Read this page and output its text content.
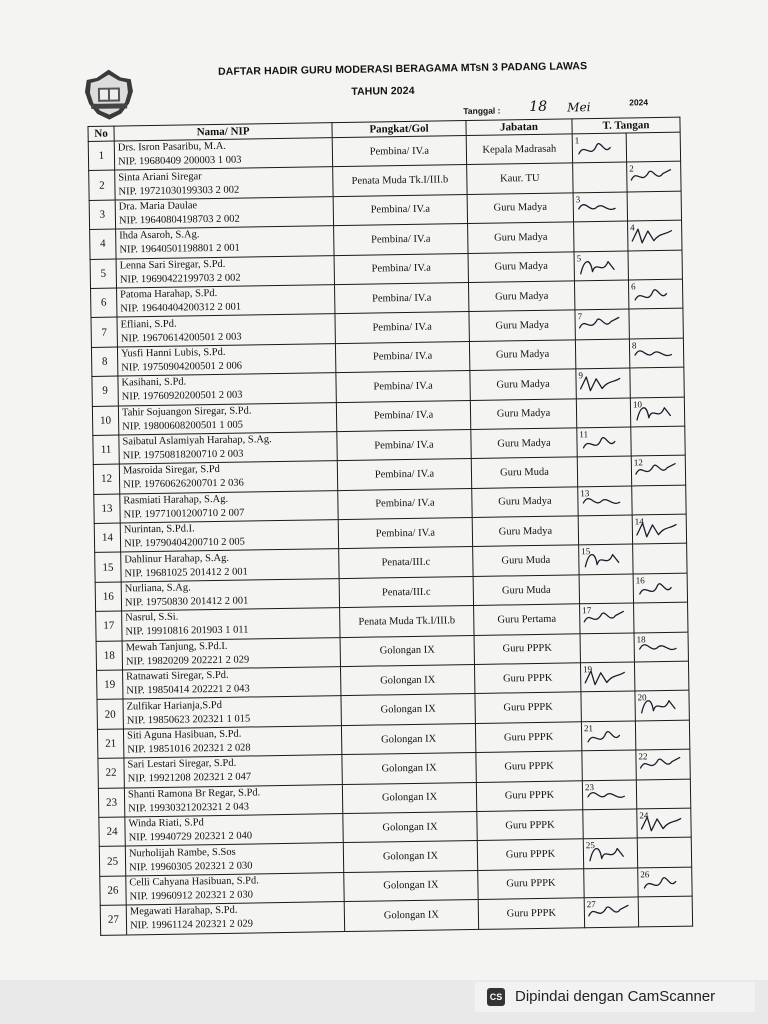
DAFTAR HADIR GURU MODERASI BERAGAMA MTsN 3 PADANG LAWAS
TAHUN 2024
Tanggal : 18 Mei	2024
No	Nama/ NIP	Pangkat/Gol	Jabatan	T. Tangan	
1	Drs. Isron Pasaribu, M.A.
NIP. 19680409 200003 1 003	Pembina/ IV.a	Kepala Madrasah	1	

2	Sinta Ariani Siregar
NIP. 19721030199303 2 002	Penata Muda Tk.I/III.b	Kaur. TU		2

3	Dra. Maria Daulae
NIP. 19640804198703 2 002	Pembina/ IV.a	Guru Madya	3	

4	Ihda Asaroh, S.Ag.
NIP. 19640501198801 2 001	Pembina/ IV.a	Guru Madya		4

5	Lenna Sari Siregar, S.Pd.
NIP. 19690422199703 2 002	Pembina/ IV.a	Guru Madya	5	

6	Patoma Harahap, S.Pd.
NIP. 19640404200312 2 001	Pembina/ IV.a	Guru Madya		6

7	Efliani, S.Pd.
NIP. 19670614200501 2 003	Pembina/ IV.a	Guru Madya	7	

8	Yusfi Hanni Lubis, S.Pd.
NIP. 19750904200501 2 006	Pembina/ IV.a	Guru Madya		8

9	Kasihani, S.Pd.
NIP. 19760920200501 2 003	Pembina/ IV.a	Guru Madya	9	

10	Tahir Sojuangon Siregar, S.Pd.
NIP. 19800608200501 1 005	Pembina/ IV.a	Guru Madya		10

11	Saibatul Aslamiyah Harahap, S.Ag.
NIP. 19750818200710 2 003	Pembina/ IV.a	Guru Madya	11	

12	Masroida Siregar, S.Pd
NIP. 19760626200701 2 036	Pembina/ IV.a	Guru Muda		12

13	Rasmiati Harahap, S.Ag.
NIP. 19771001200710 2 007	Pembina/ IV.a	Guru Madya	13	

14	Nurintan, S.Pd.I.
NIP. 19790404200710 2 005	Pembina/ IV.a	Guru Madya		14

15	Dahlinur Harahap, S.Ag.
NIP. 19681025 201412 2 001	Penata/III.c	Guru Muda	15	

16	Nurliana, S.Ag.
NIP. 19750830 201412 2 001	Penata/III.c	Guru Muda		16

17	Nasrul, S.Si.
NIP. 19910816 201903 1 011	Penata Muda Tk.I/III.b	Guru Pertama	17	

18	Mewah Tanjung, S.Pd.I.
NIP. 19820209 202221 2 029	Golongan IX	Guru PPPK		18

19	Ratnawati Siregar, S.Pd.
NIP. 19850414 202221 2 043	Golongan IX	Guru PPPK	19	

20	Zulfikar Harianja,S.Pd
NIP. 19850623 202321 1 015	Golongan IX	Guru PPPK		20

21	Siti Aguna Hasibuan, S.Pd.
NIP. 19851016 202321 2 028	Golongan IX	Guru PPPK	21	

22	Sari Lestari Siregar, S.Pd.
NIP. 19921208 202321 2 047	Golongan IX	Guru PPPK		22

23	Shanti Ramona Br Regar, S.Pd.
NIP. 19930321202321 2 043	Golongan IX	Guru PPPK	23	

24	Winda Riati, S.Pd
NIP. 19940729 202321 2 040	Golongan IX	Guru PPPK		24

25	Nurholijah Rambe, S.Sos
NIP. 19960305 202321 2 030	Golongan IX	Guru PPPK	25	

26	Celli Cahyana Hasibuan, S.Pd.
NIP. 19960912 202321 2 030	Golongan IX	Guru PPPK		26

27	Megawati Harahap, S.Pd.
NIP. 19961124 202321 2 029	Golongan IX	Guru PPPK	27	

CS Dipindai dengan CamScanner
